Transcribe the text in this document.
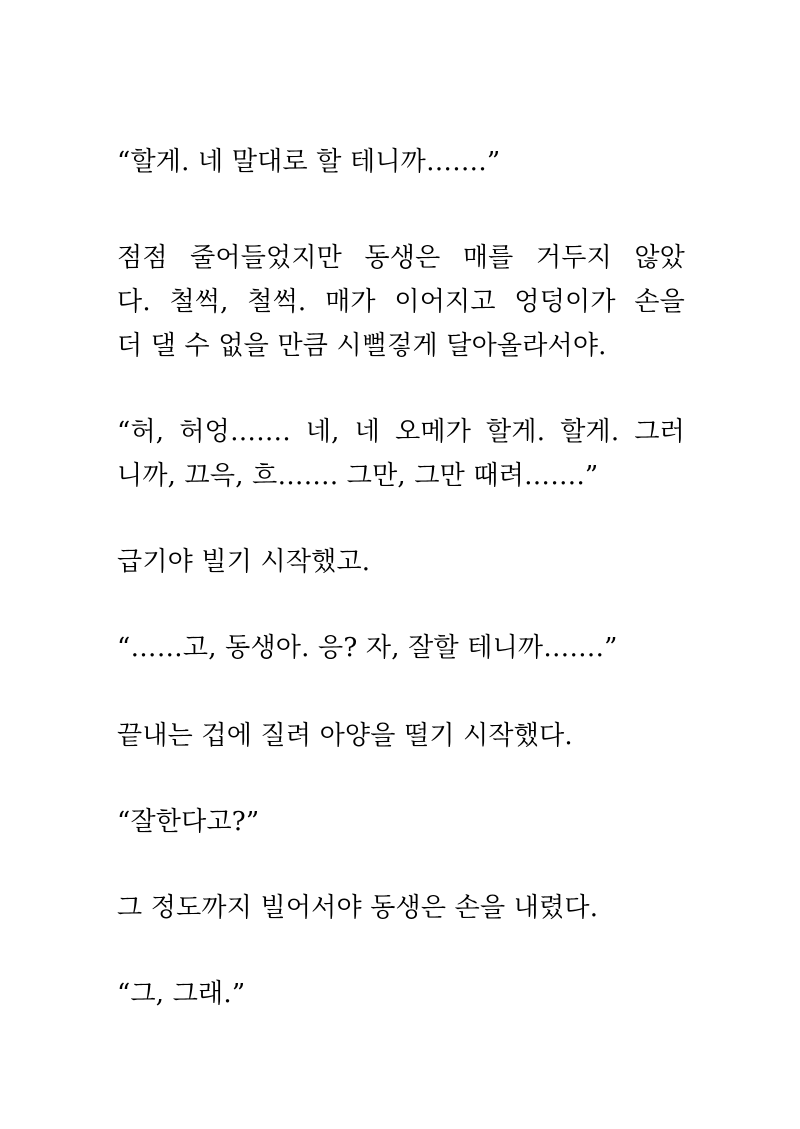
“할게. 네 말대로 할 테니까…….”

점점 줄어들었지만 동생은 매를 거두지 않았
다. 철썩, 철썩. 매가 이어지고 엉덩이가 손을
더 댈 수 없을 만큼 시뻘겋게 달아올라서야.

“허, 허엉……. 네, 네 오메가 할게. 할게. 그러
니까, 끄윽, 흐……. 그만, 그만 때려…….”

급기야 빌기 시작했고.

“……고, 동생아. 응? 자, 잘할 테니까…….”

끝내는 겁에 질려 아양을 떨기 시작했다.

“잘한다고?”

그 정도까지 빌어서야 동생은 손을 내렸다.

“그, 그래.”
